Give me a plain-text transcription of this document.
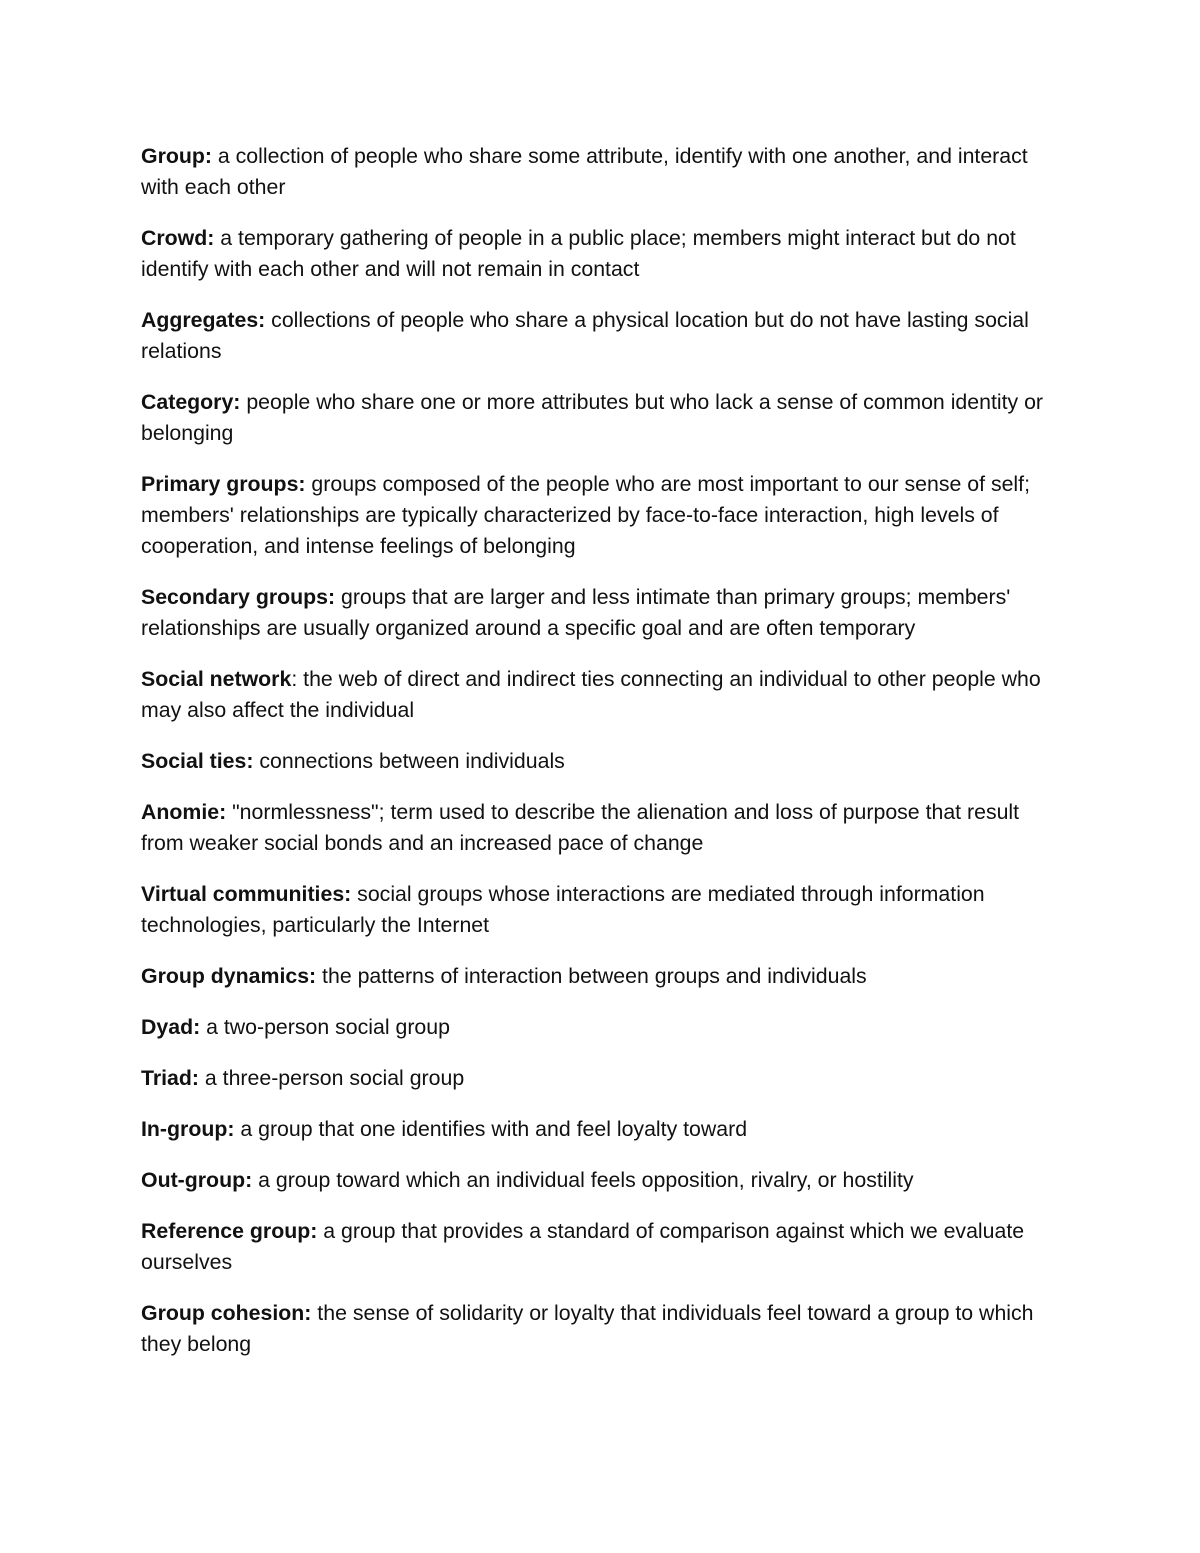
Group: a collection of people who share some attribute, identify with one another, and interact with each other

Crowd: a temporary gathering of people in a public place; members might interact but do not identify with each other and will not remain in contact

Aggregates: collections of people who share a physical location but do not have lasting social relations

Category: people who share one or more attributes but who lack a sense of common identity or belonging

Primary groups: groups composed of the people who are most important to our sense of self; members' relationships are typically characterized by face-to-face interaction, high levels of cooperation, and intense feelings of belonging

Secondary groups: groups that are larger and less intimate than primary groups; members' relationships are usually organized around a specific goal and are often temporary

Social network: the web of direct and indirect ties connecting an individual to other people who may also affect the individual

Social ties: connections between individuals

Anomie: "normlessness"; term used to describe the alienation and loss of purpose that result from weaker social bonds and an increased pace of change

Virtual communities: social groups whose interactions are mediated through information technologies, particularly the Internet

Group dynamics: the patterns of interaction between groups and individuals

Dyad: a two-person social group

Triad: a three-person social group

In-group: a group that one identifies with and feel loyalty toward

Out-group: a group toward which an individual feels opposition, rivalry, or hostility

Reference group: a group that provides a standard of comparison against which we evaluate ourselves

Group cohesion: the sense of solidarity or loyalty that individuals feel toward a group to which they belong
